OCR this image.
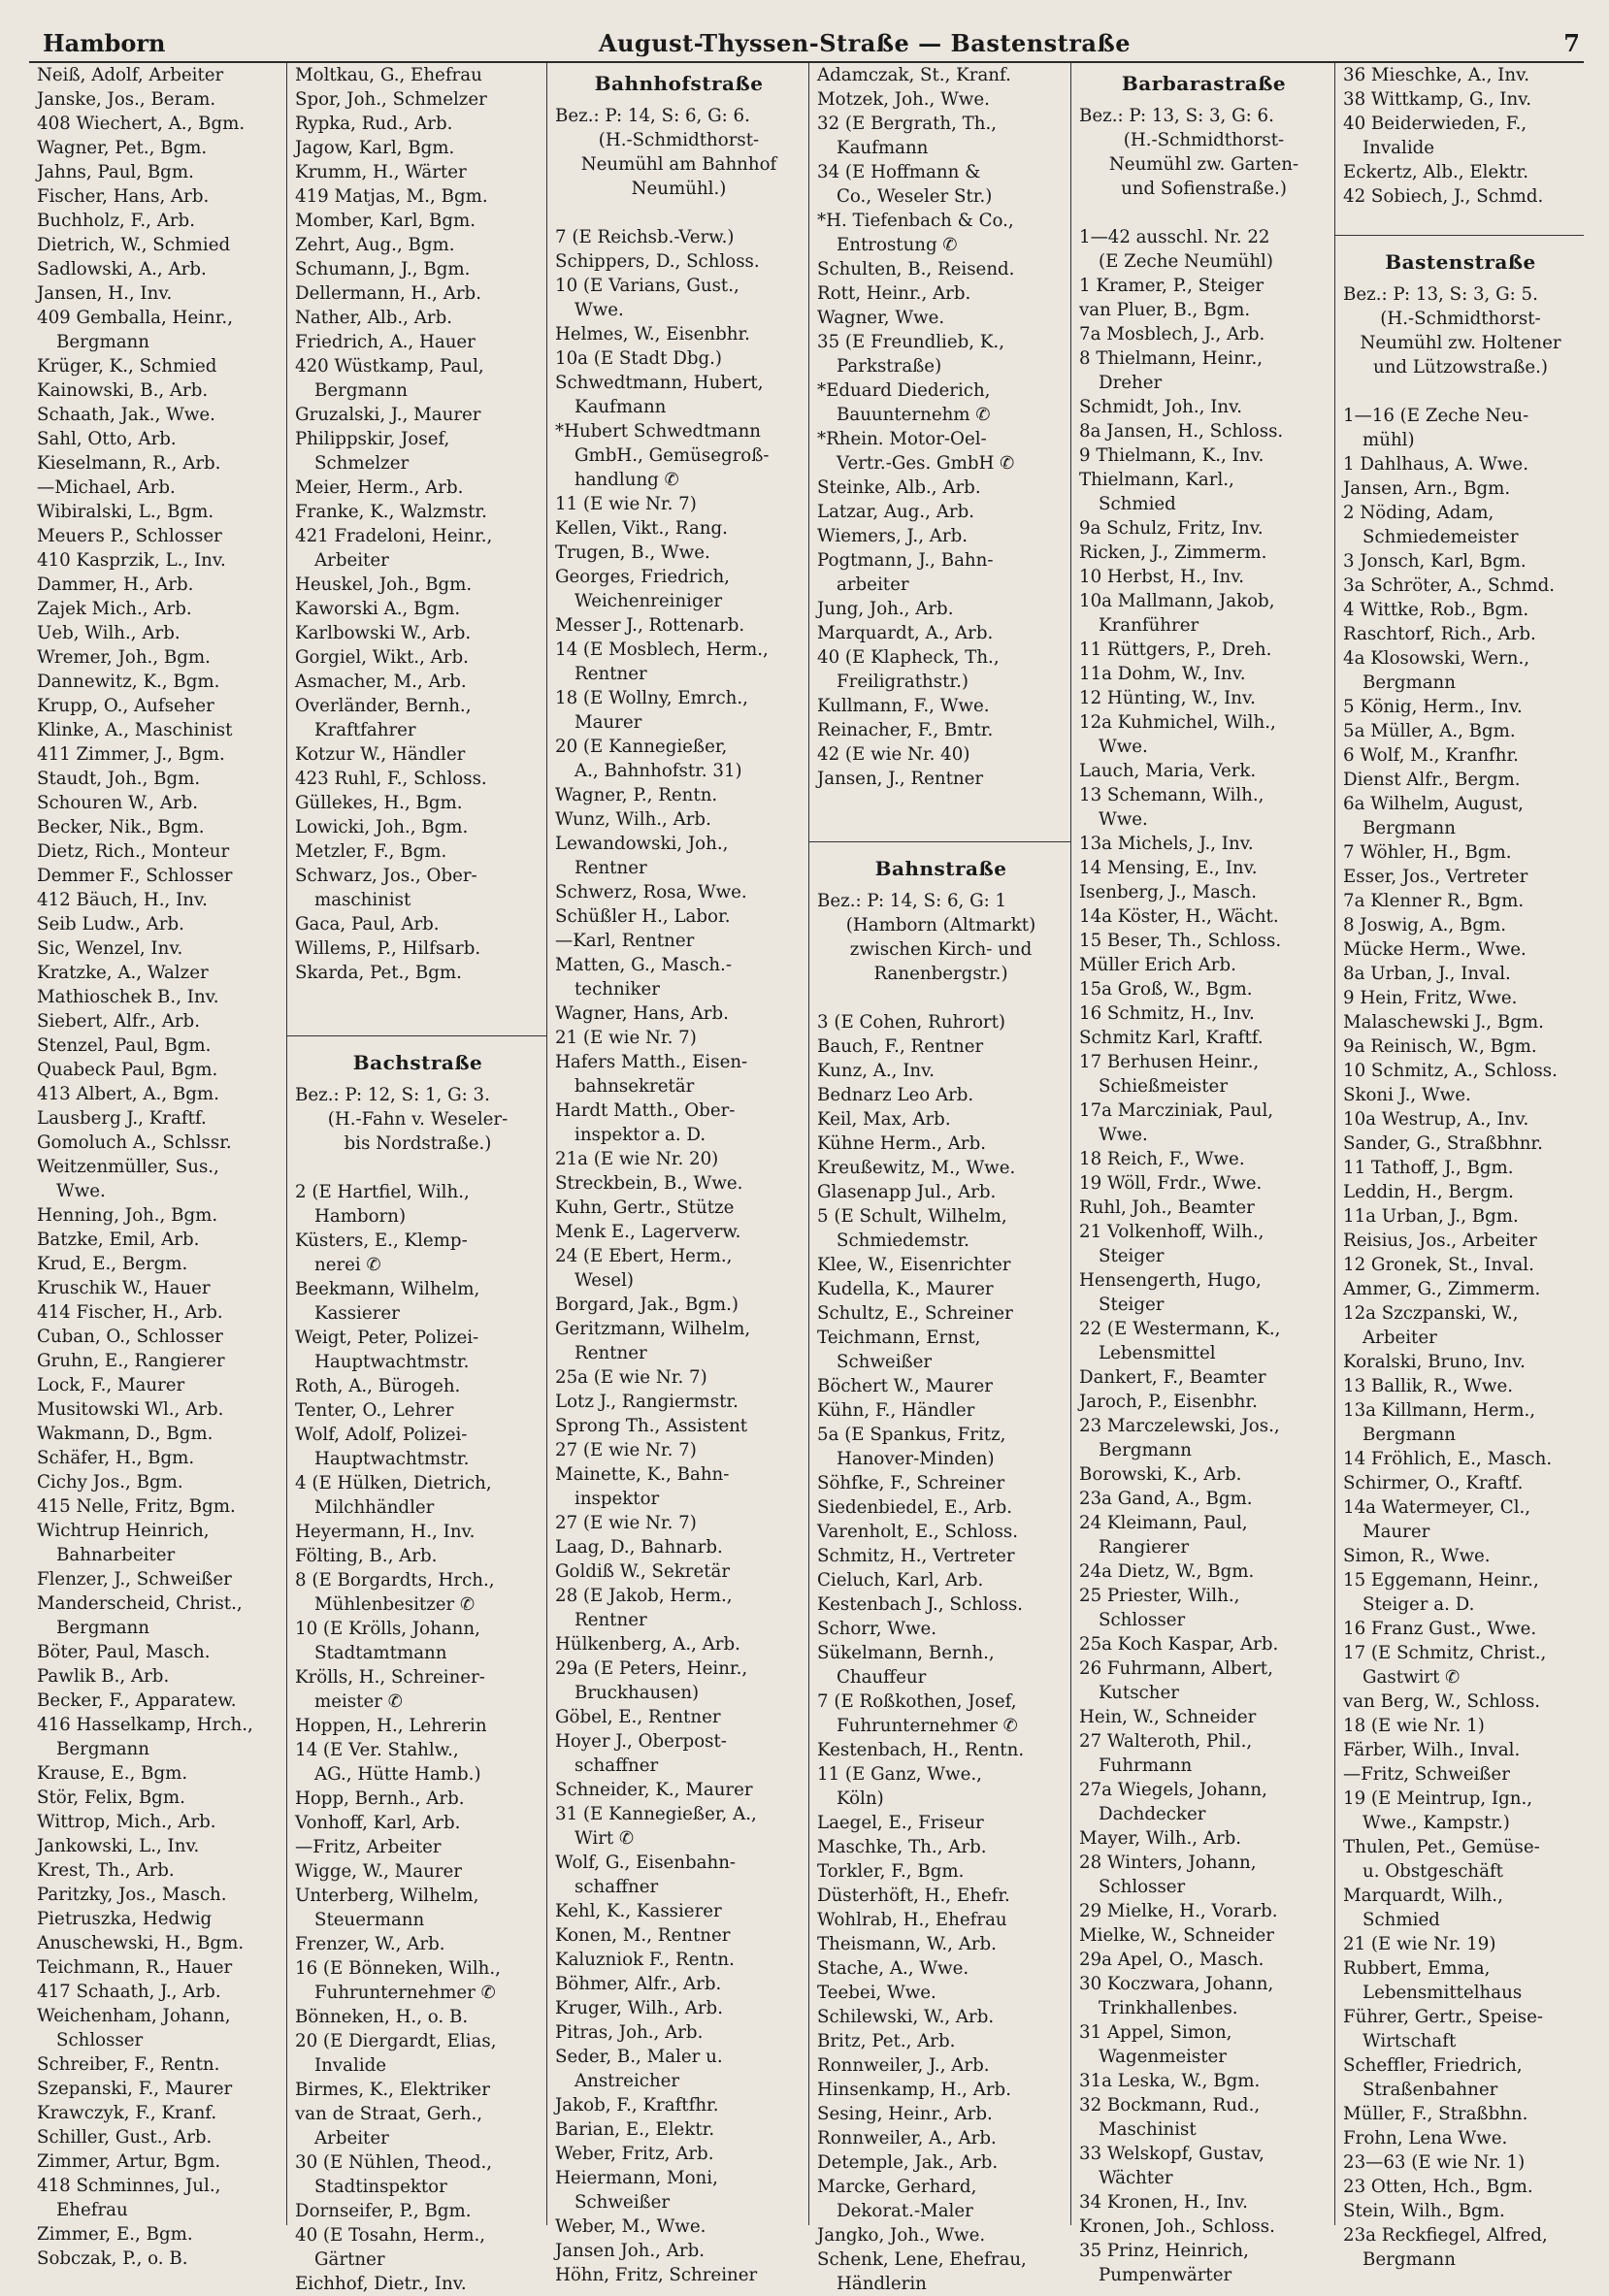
Hamborn	August-Thyssen-Straße — Bastenstraße	7
Neiß, Adolf, Arbeiter
Janske, Jos., Beram.
408 Wiechert, A., Bgm.
Wagner, Pet., Bgm.
Jahns, Paul, Bgm.
Fischer, Hans, Arb.
Buchholz, F., Arb.
Dietrich, W., Schmied
Sadlowski, A., Arb.
Jansen, H., Inv.
409 Gemballa, Heinr.,
Bergmann
Krüger, K., Schmied
Kainowski, B., Arb.
Schaath, Jak., Wwe.
Sahl, Otto, Arb.
Kieselmann, R., Arb.
—Michael, Arb.
Wibiralski, L., Bgm.
Meuers P., Schlosser
410 Kasprzik, L., Inv.
Dammer, H., Arb.
Zajek Mich., Arb.
Ueb, Wilh., Arb.
Wremer, Joh., Bgm.
Dannewitz, K., Bgm.
Krupp, O., Aufseher
Klinke, A., Maschinist
411 Zimmer, J., Bgm.
Staudt, Joh., Bgm.
Schouren W., Arb.
Becker, Nik., Bgm.
Dietz, Rich., Monteur
Demmer F., Schlosser
412 Bäuch, H., Inv.
Seib Ludw., Arb.
Sic, Wenzel, Inv.
Kratzke, A., Walzer
Mathioschek B., Inv.
Siebert, Alfr., Arb.
Stenzel, Paul, Bgm.
Quabeck Paul, Bgm.
413 Albert, A., Bgm.
Lausberg J., Kraftf.
Gomoluch A., Schlssr.
Weitzenmüller, Sus.,
Wwe.
Henning, Joh., Bgm.
Batzke, Emil, Arb.
Krud, E., Bergm.
Kruschik W., Hauer
414 Fischer, H., Arb.
Cuban, O., Schlosser
Gruhn, E., Rangierer
Lock, F., Maurer
Musitowski Wl., Arb.
Wakmann, D., Bgm.
Schäfer, H., Bgm.
Cichy Jos., Bgm.
415 Nelle, Fritz, Bgm.
Wichtrup Heinrich,
Bahnarbeiter
Flenzer, J., Schweißer
Manderscheid, Christ.,
Bergmann
Böter, Paul, Masch.
Pawlik B., Arb.
Becker, F., Apparatew.
416 Hasselkamp, Hrch.,
Bergmann
Krause, E., Bgm.
Stör, Felix, Bgm.
Wittrop, Mich., Arb.
Jankowski, L., Inv.
Krest, Th., Arb.
Paritzky, Jos., Masch.
Pietruszka, Hedwig
Anuschewski, H., Bgm.
Teichmann, R., Hauer
417 Schaath, J., Arb.
Weichenham, Johann,
Schlosser
Schreiber, F., Rentn.
Szepanski, F., Maurer
Krawczyk, F., Kranf.
Schiller, Gust., Arb.
Zimmer, Artur, Bgm.
418 Schminnes, Jul.,
Ehefrau
Zimmer, E., Bgm.
Sobczak, P., o. B.
Moltkau, G., Ehefrau
Spor, Joh., Schmelzer
Rypka, Rud., Arb.
Jagow, Karl, Bgm.
Krumm, H., Wärter
419 Matjas, M., Bgm.
Momber, Karl, Bgm.
Zehrt, Aug., Bgm.
Schumann, J., Bgm.
Dellermann, H., Arb.
Nather, Alb., Arb.
Friedrich, A., Hauer
420 Wüstkamp, Paul,
Bergmann
Gruzalski, J., Maurer
Philippskir, Josef,
Schmelzer
Meier, Herm., Arb.
Franke, K., Walzmstr.
421 Fradeloni, Heinr.,
Arbeiter
Heuskel, Joh., Bgm.
Kaworski A., Bgm.
Karlbowski W., Arb.
Gorgiel, Wikt., Arb.
Asmacher, M., Arb.
Overländer, Bernh.,
Kraftfahrer
Kotzur W., Händler
423 Ruhl, F., Schloss.
Güllekes, H., Bgm.
Lowicki, Joh., Bgm.
Metzler, F., Bgm.
Schwarz, Jos., Ober-
maschinist
Gaca, Paul, Arb.
Willems, P., Hilfsarb.
Skarda, Pet., Bgm.
Bachstraße
Bez.: P: 12, S: 1, G: 3.
(H.-Fahn v. Weseler-
bis Nordstraße.)
2 (E Hartfiel, Wilh.,
Hamborn)
Küsters, E., Klemp-
nerei ✆
Beekmann, Wilhelm,
Kassierer
Weigt, Peter, Polizei-
Hauptwachtmstr.
Roth, A., Bürogeh.
Tenter, O., Lehrer
Wolf, Adolf, Polizei-
Hauptwachtmstr.
4 (E Hülken, Dietrich,
Milchhändler
Heyermann, H., Inv.
Fölting, B., Arb.
8 (E Borgardts, Hrch.,
Mühlenbesitzer ✆
10 (E Krölls, Johann,
Stadtamtmann
Krölls, H., Schreiner-
meister ✆
Hoppen, H., Lehrerin
14 (E Ver. Stahlw.,
AG., Hütte Hamb.)
Hopp, Bernh., Arb.
Vonhoff, Karl, Arb.
—Fritz, Arbeiter
Wigge, W., Maurer
Unterberg, Wilhelm,
Steuermann
Frenzer, W., Arb.
16 (E Bönneken, Wilh.,
Fuhrunternehmer ✆
Bönneken, H., o. B.
20 (E Diergardt, Elias,
Invalide
Birmes, K., Elektriker
van de Straat, Gerh.,
Arbeiter
30 (E Nühlen, Theod.,
Stadtinspektor
Dornseifer, P., Bgm.
40 (E Tosahn, Herm.,
Gärtner
Eichhof, Dietr., Inv.
Bahnhofstraße
Bez.: P: 14, S: 6, G: 6.
(H.-Schmidthorst-
Neumühl am Bahnhof
Neumühl.)
7 (E Reichsb.-Verw.)
Schippers, D., Schloss.
10 (E Varians, Gust.,
Wwe.
Helmes, W., Eisenbhr.
10a (E Stadt Dbg.)
Schwedtmann, Hubert,
Kaufmann
*Hubert Schwedtmann
GmbH., Gemüsegroß-
handlung ✆
11 (E wie Nr. 7)
Kellen, Vikt., Rang.
Trugen, B., Wwe.
Georges, Friedrich,
Weichenreiniger
Messer J., Rottenarb.
14 (E Mosblech, Herm.,
Rentner
18 (E Wollny, Emrch.,
Maurer
20 (E Kannegießer,
A., Bahnhofstr. 31)
Wagner, P., Rentn.
Wunz, Wilh., Arb.
Lewandowski, Joh.,
Rentner
Schwerz, Rosa, Wwe.
Schüßler H., Labor.
—Karl, Rentner
Matten, G., Masch.-
techniker
Wagner, Hans, Arb.
21 (E wie Nr. 7)
Hafers Matth., Eisen-
bahnsekretär
Hardt Matth., Ober-
inspektor a. D.
21a (E wie Nr. 20)
Streckbein, B., Wwe.
Kuhn, Gertr., Stütze
Menk E., Lagerverw.
24 (E Ebert, Herm.,
Wesel)
Borgard, Jak., Bgm.)
Geritzmann, Wilhelm,
Rentner
25a (E wie Nr. 7)
Lotz J., Rangiermstr.
Sprong Th., Assistent
27 (E wie Nr. 7)
Mainette, K., Bahn-
inspektor
27 (E wie Nr. 7)
Laag, D., Bahnarb.
Goldiß W., Sekretär
28 (E Jakob, Herm.,
Rentner
Hülkenberg, A., Arb.
29a (E Peters, Heinr.,
Bruckhausen)
Göbel, E., Rentner
Hoyer J., Oberpost-
schaffner
Schneider, K., Maurer
31 (E Kannegießer, A.,
Wirt ✆
Wolf, G., Eisenbahn-
schaffner
Kehl, K., Kassierer
Konen, M., Rentner
Kaluzniok F., Rentn.
Böhmer, Alfr., Arb.
Kruger, Wilh., Arb.
Pitras, Joh., Arb.
Seder, B., Maler u.
Anstreicher
Jakob, F., Kraftfhr.
Barian, E., Elektr.
Weber, Fritz, Arb.
Heiermann, Moni,
Schweißer
Weber, M., Wwe.
Jansen Joh., Arb.
Höhn, Fritz, Schreiner
Adamczak, St., Kranf.
Motzek, Joh., Wwe.
32 (E Bergrath, Th.,
Kaufmann
34 (E Hoffmann &
Co., Weseler Str.)
*H. Tiefenbach & Co.,
Entrostung ✆
Schulten, B., Reisend.
Rott, Heinr., Arb.
Wagner, Wwe.
35 (E Freundlieb, K.,
Parkstraße)
*Eduard Diederich,
Bauunternehm ✆
*Rhein. Motor-Oel-
Vertr.-Ges. GmbH ✆
Steinke, Alb., Arb.
Latzar, Aug., Arb.
Wiemers, J., Arb.
Pogtmann, J., Bahn-
arbeiter
Jung, Joh., Arb.
Marquardt, A., Arb.
40 (E Klapheck, Th.,
Freiligrathstr.)
Kullmann, F., Wwe.
Reinacher, F., Bmtr.
42 (E wie Nr. 40)
Jansen, J., Rentner
Bahnstraße
Bez.: P: 14, S: 6, G: 1
(Hamborn (Altmarkt)
zwischen Kirch- und
Ranenbergstr.)
3 (E Cohen, Ruhrort)
Bauch, F., Rentner
Kunz, A., Inv.
Bednarz Leo Arb.
Keil, Max, Arb.
Kühne Herm., Arb.
Kreußewitz, M., Wwe.
Glasenapp Jul., Arb.
5 (E Schult, Wilhelm,
Schmiedemstr.
Klee, W., Eisenrichter
Kudella, K., Maurer
Schultz, E., Schreiner
Teichmann, Ernst,
Schweißer
Böchert W., Maurer
Kühn, F., Händler
5a (E Spankus, Fritz,
Hanover-Minden)
Söhfke, F., Schreiner
Siedenbiedel, E., Arb.
Varenholt, E., Schloss.
Schmitz, H., Vertreter
Cieluch, Karl, Arb.
Kestenbach J., Schloss.
Schorr, Wwe.
Sükelmann, Bernh.,
Chauffeur
7 (E Roßkothen, Josef,
Fuhrunternehmer ✆
Kestenbach, H., Rentn.
11 (E Ganz, Wwe.,
Köln)
Laegel, E., Friseur
Maschke, Th., Arb.
Torkler, F., Bgm.
Düsterhöft, H., Ehefr.
Wohlrab, H., Ehefrau
Theismann, W., Arb.
Stache, A., Wwe.
Teebei, Wwe.
Schilewski, W., Arb.
Britz, Pet., Arb.
Ronnweiler, J., Arb.
Hinsenkamp, H., Arb.
Sesing, Heinr., Arb.
Ronnweiler, A., Arb.
Detemple, Jak., Arb.
Marcke, Gerhard,
Dekorat.-Maler
Jangko, Joh., Wwe.
Schenk, Lene, Ehefrau,
Händlerin
Barbarastraße
Bez.: P: 13, S: 3, G: 6.
(H.-Schmidthorst-
Neumühl zw. Garten-
und Sofienstraße.)
1—42 ausschl. Nr. 22
(E Zeche Neumühl)
1 Kramer, P., Steiger
van Pluer, B., Bgm.
7a Mosblech, J., Arb.
8 Thielmann, Heinr.,
Dreher
Schmidt, Joh., Inv.
8a Jansen, H., Schloss.
9 Thielmann, K., Inv.
Thielmann, Karl.,
Schmied
9a Schulz, Fritz, Inv.
Ricken, J., Zimmerm.
10 Herbst, H., Inv.
10a Mallmann, Jakob,
Kranführer
11 Rüttgers, P., Dreh.
11a Dohm, W., Inv.
12 Hünting, W., Inv.
12a Kuhmichel, Wilh.,
Wwe.
Lauch, Maria, Verk.
13 Schemann, Wilh.,
Wwe.
13a Michels, J., Inv.
14 Mensing, E., Inv.
Isenberg, J., Masch.
14a Köster, H., Wächt.
15 Beser, Th., Schloss.
Müller Erich Arb.
15a Groß, W., Bgm.
16 Schmitz, H., Inv.
Schmitz Karl, Kraftf.
17 Berhusen Heinr.,
Schießmeister
17a Marcziniak, Paul,
Wwe.
18 Reich, F., Wwe.
19 Wöll, Frdr., Wwe.
Ruhl, Joh., Beamter
21 Volkenhoff, Wilh.,
Steiger
Hensengerth, Hugo,
Steiger
22 (E Westermann, K.,
Lebensmittel
Dankert, F., Beamter
Jaroch, P., Eisenbhr.
23 Marczelewski, Jos.,
Bergmann
Borowski, K., Arb.
23a Gand, A., Bgm.
24 Kleimann, Paul,
Rangierer
24a Dietz, W., Bgm.
25 Priester, Wilh.,
Schlosser
25a Koch Kaspar, Arb.
26 Fuhrmann, Albert,
Kutscher
Hein, W., Schneider
27 Walteroth, Phil.,
Fuhrmann
27a Wiegels, Johann,
Dachdecker
Mayer, Wilh., Arb.
28 Winters, Johann,
Schlosser
29 Mielke, H., Vorarb.
Mielke, W., Schneider
29a Apel, O., Masch.
30 Koczwara, Johann,
Trinkhallenbes.
31 Appel, Simon,
Wagenmeister
31a Leska, W., Bgm.
32 Bockmann, Rud.,
Maschinist
33 Welskopf, Gustav,
Wächter
34 Kronen, H., Inv.
Kronen, Joh., Schloss.
35 Prinz, Heinrich,
Pumpenwärter
36 Mieschke, A., Inv.
38 Wittkamp, G., Inv.
40 Beiderwieden, F.,
Invalide
Eckertz, Alb., Elektr.
42 Sobiech, J., Schmd.
Bastenstraße
Bez.: P: 13, S: 3, G: 5.
(H.-Schmidthorst-
Neumühl zw. Holtener
und Lützowstraße.)
1—16 (E Zeche Neu-
mühl)
1 Dahlhaus, A. Wwe.
Jansen, Arn., Bgm.
2 Nöding, Adam,
Schmiedemeister
3 Jonsch, Karl, Bgm.
3a Schröter, A., Schmd.
4 Wittke, Rob., Bgm.
Raschtorf, Rich., Arb.
4a Klosowski, Wern.,
Bergmann
5 König, Herm., Inv.
5a Müller, A., Bgm.
6 Wolf, M., Kranfhr.
Dienst Alfr., Bergm.
6a Wilhelm, August,
Bergmann
7 Wöhler, H., Bgm.
Esser, Jos., Vertreter
7a Klenner R., Bgm.
8 Joswig, A., Bgm.
Mücke Herm., Wwe.
8a Urban, J., Inval.
9 Hein, Fritz, Wwe.
Malaschewski J., Bgm.
9a Reinisch, W., Bgm.
10 Schmitz, A., Schloss.
Skoni J., Wwe.
10a Westrup, A., Inv.
Sander, G., Straßbhnr.
11 Tathoff, J., Bgm.
Leddin, H., Bergm.
11a Urban, J., Bgm.
Reisius, Jos., Arbeiter
12 Gronek, St., Inval.
Ammer, G., Zimmerm.
12a Szczpanski, W.,
Arbeiter
Koralski, Bruno, Inv.
13 Ballik, R., Wwe.
13a Killmann, Herm.,
Bergmann
14 Fröhlich, E., Masch.
Schirmer, O., Kraftf.
14a Watermeyer, Cl.,
Maurer
Simon, R., Wwe.
15 Eggemann, Heinr.,
Steiger a. D.
16 Franz Gust., Wwe.
17 (E Schmitz, Christ.,
Gastwirt ✆
van Berg, W., Schloss.
18 (E wie Nr. 1)
Färber, Wilh., Inval.
—Fritz, Schweißer
19 (E Meintrup, Ign.,
Wwe., Kampstr.)
Thulen, Pet., Gemüse-
u. Obstgeschäft
Marquardt, Wilh.,
Schmied
21 (E wie Nr. 19)
Rubbert, Emma,
Lebensmittelhaus
Führer, Gertr., Speise-
Wirtschaft
Scheffler, Friedrich,
Straßenbahner
Müller, F., Straßbhn.
Frohn, Lena Wwe.
23—63 (E wie Nr. 1)
23 Otten, Hch., Bgm.
Stein, Wilh., Bgm.
23a Reckfiegel, Alfred,
Bergmann
